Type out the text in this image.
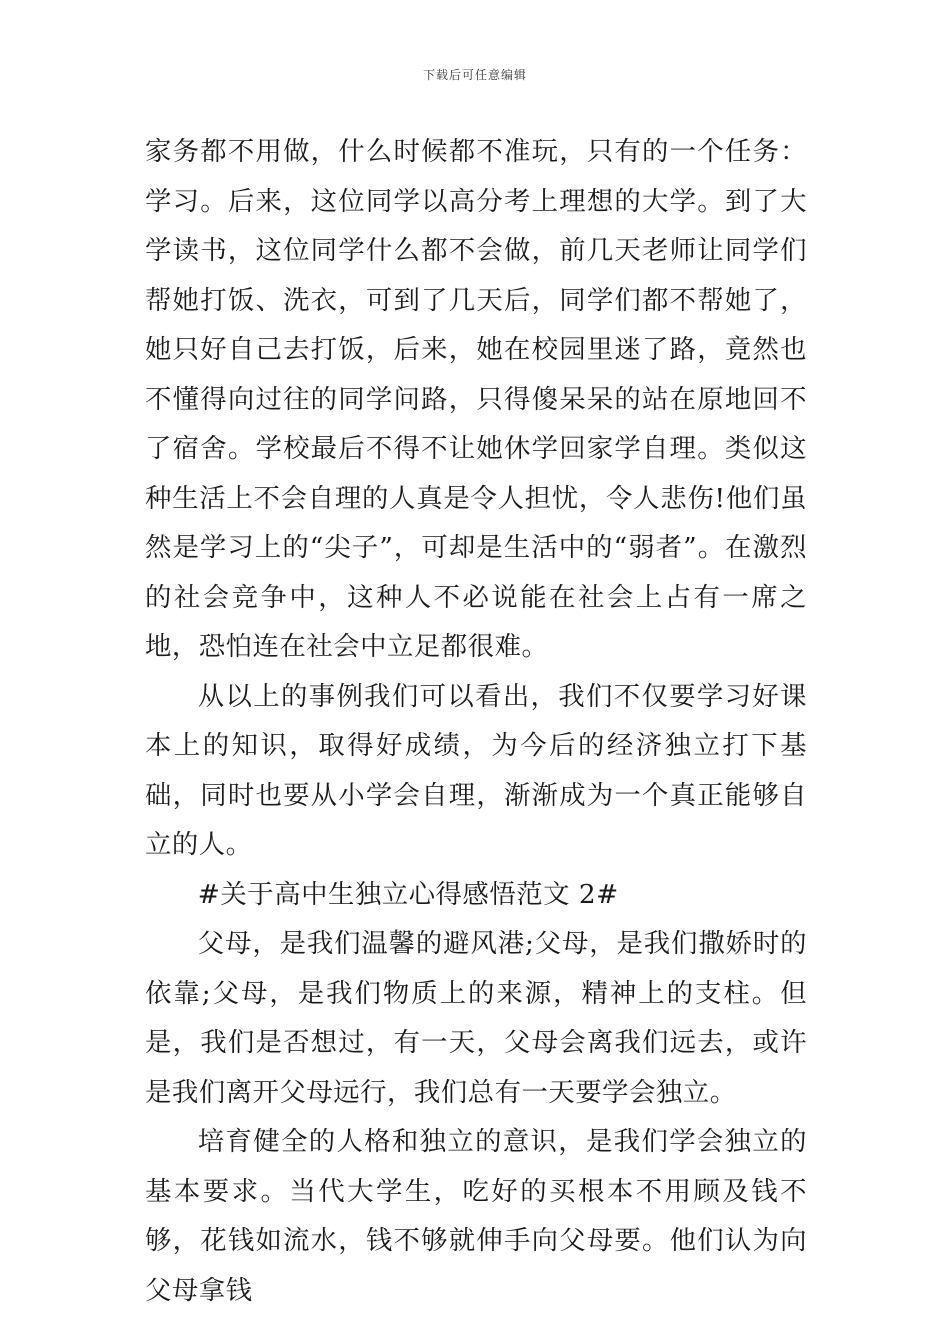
下载后可任意编辑

家务都不用做，什么时候都不准玩，只有的一个任务：学习。后来，这位同学以高分考上理想的大学。到了大学读书，这位同学什么都不会做，前几天老师让同学们帮她打饭、洗衣，可到了几天后，同学们都不帮她了，她只好自己去打饭，后来，她在校园里迷了路，竟然也不懂得向过往的同学问路，只得傻呆呆的站在原地回不了宿舍。学校最后不得不让她休学回家学自理。类似这种生活上不会自理的人真是令人担忧，令人悲伤!他们虽然是学习上的“尖子”，可却是生活中的“弱者”。在激烈的社会竞争中，这种人不必说能在社会上占有一席之地，恐怕连在社会中立足都很难。

从以上的事例我们可以看出，我们不仅要学习好课本上的知识，取得好成绩，为今后的经济独立打下基础，同时也要从小学会自理，渐渐成为一个真正能够自立的人。

#关于高中生独立心得感悟范文 2#

父母，是我们温馨的避风港;父母，是我们撒娇时的依靠;父母，是我们物质上的来源，精神上的支柱。但是，我们是否想过，有一天，父母会离我们远去，或许是我们离开父母远行，我们总有一天要学会独立。

培育健全的人格和独立的意识，是我们学会独立的基本要求。当代大学生，吃好的买根本不用顾及钱不够，花钱如流水，钱不够就伸手向父母要。他们认为向父母拿钱
